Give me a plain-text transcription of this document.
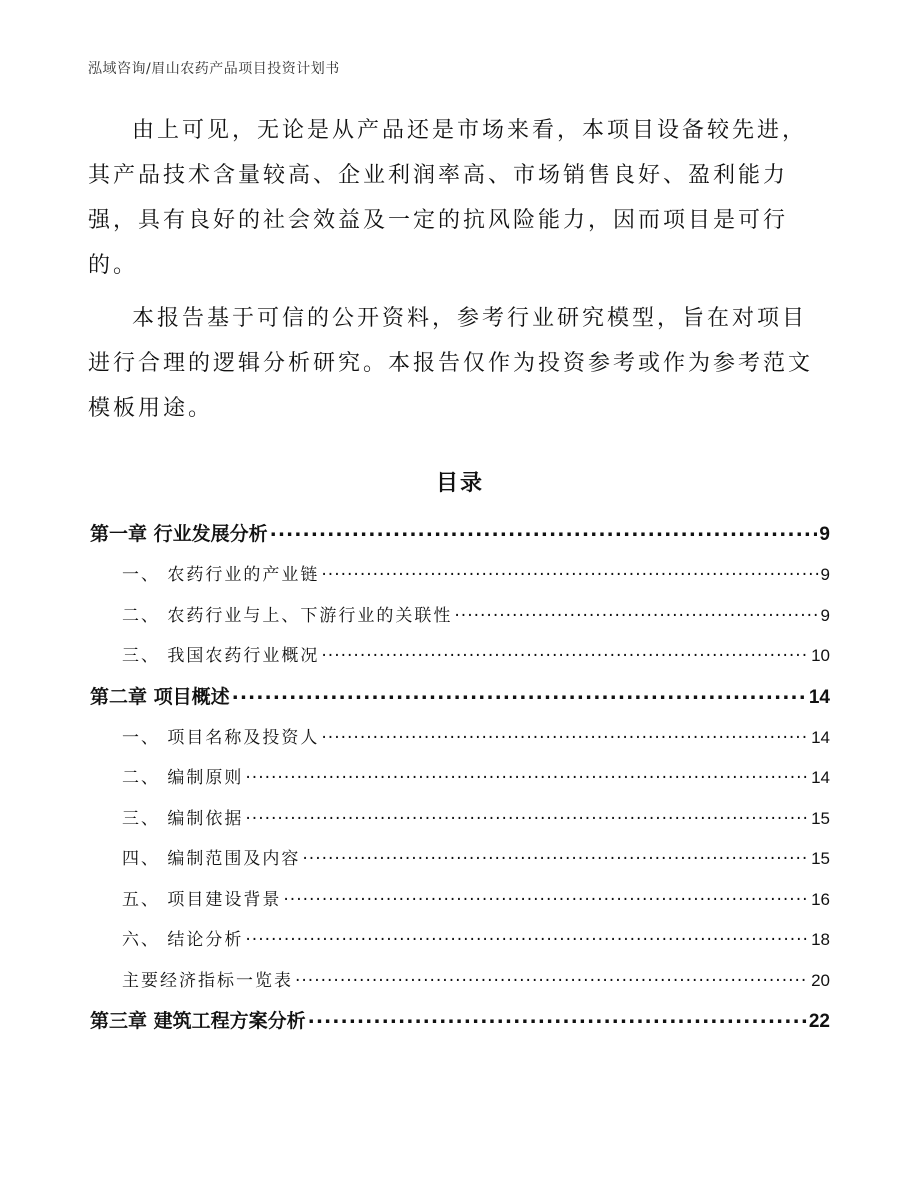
泓域咨询/眉山农药产品项目投资计划书

由上可见，无论是从产品还是市场来看，本项目设备较先进，其产品技术含量较高、企业利润率高、市场销售良好、盈利能力强，具有良好的社会效益及一定的抗风险能力，因而项目是可行的。

本报告基于可信的公开资料，参考行业研究模型，旨在对项目进行合理的逻辑分析研究。本报告仅作为投资参考或作为参考范文模板用途。

目录
第一章 行业发展分析 .....	9
一、 农药行业的产业链 .....	9
二、 农药行业与上、下游行业的关联性 .....	9
三、 我国农药行业概况 .....	10
第二章 项目概述 .....	14
一、 项目名称及投资人 .....	14
二、 编制原则 .....	14
三、 编制依据 .....	15
四、 编制范围及内容 .....	15
五、 项目建设背景 .....	16
六、 结论分析 .....	18
主要经济指标一览表 .....	20
第三章 建筑工程方案分析 .....	22
